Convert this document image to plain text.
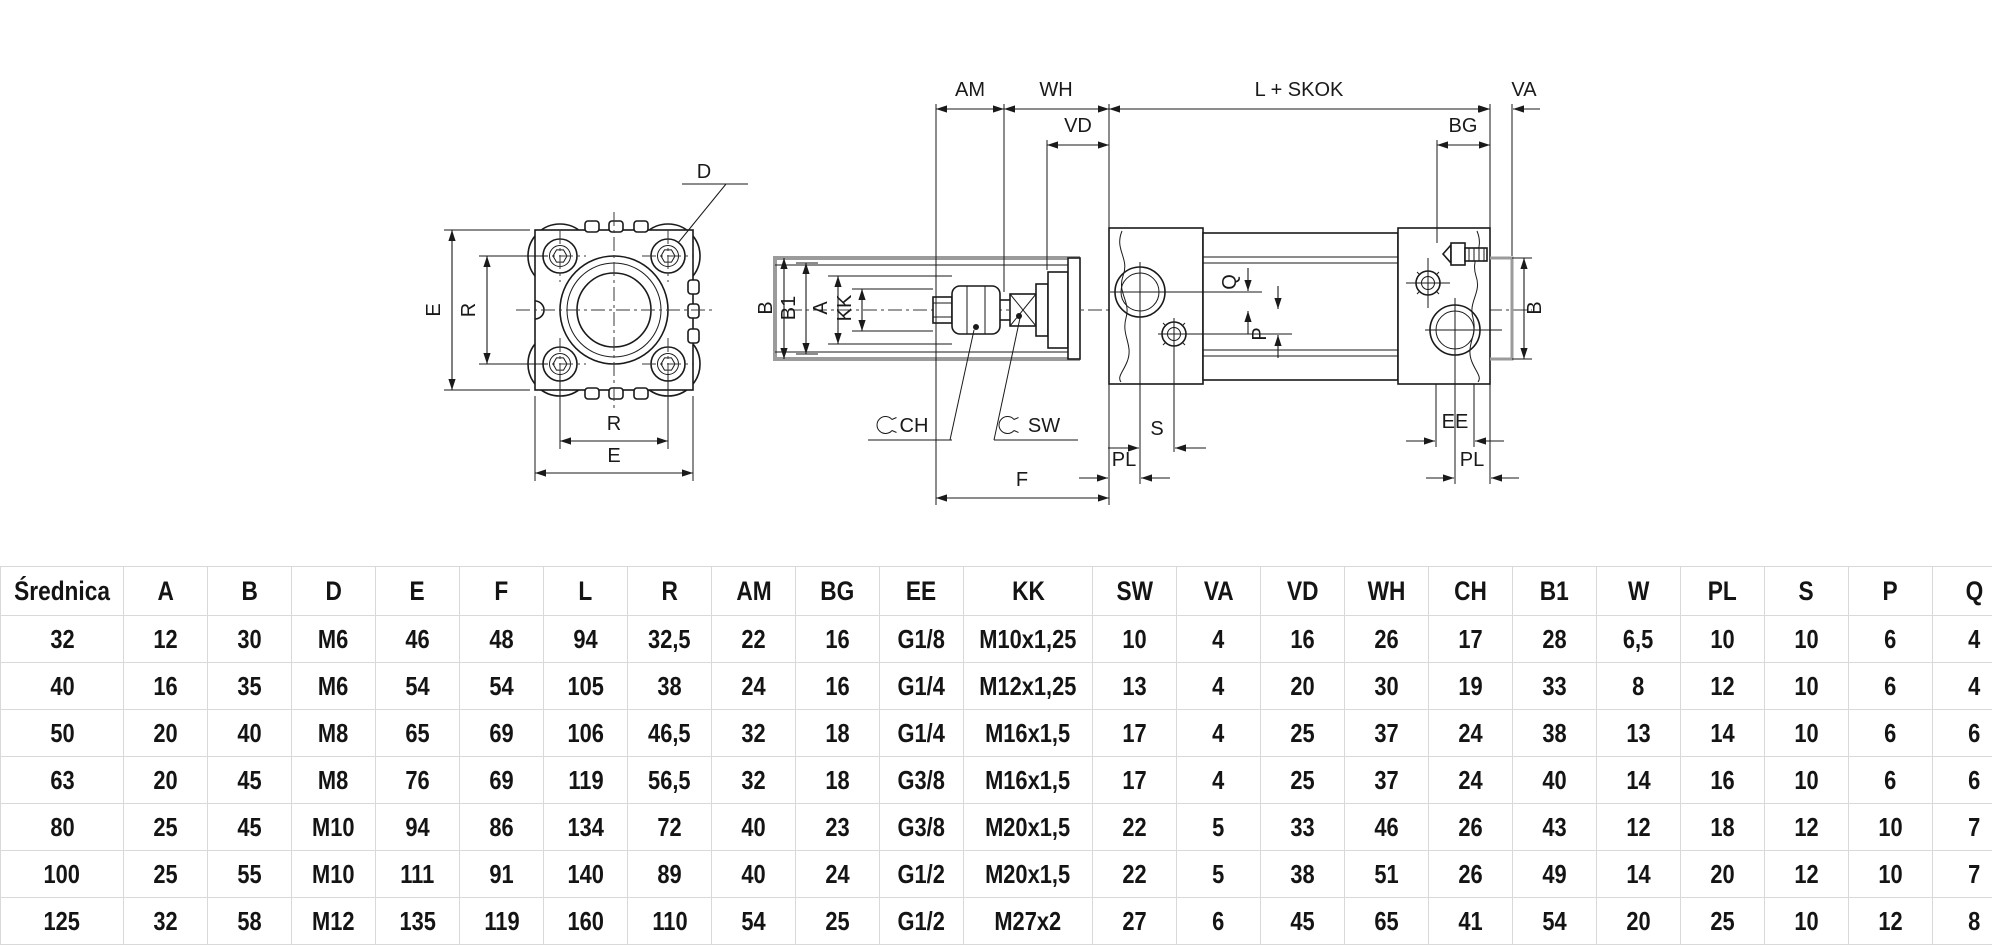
E R
R
E
D
AM	WH	L + SKOK	VA
VD	BG
B B1 A KK
Q
P
B
CH	SW	S
PL
F
EE
PL
Średnica	A	B	D	E	F	L	R	AM	BG	EE	KK	SW	VA	VD	WH	CH	B1	W	PL	S	P	Q
32	12	30	M6	46	48	94	32,5	22	16	G1/8	M10x1,25	10	4	16	26	17	28	6,5	10	10	6	4
40	16	35	M6	54	54	105	38	24	16	G1/4	M12x1,25	13	4	20	30	19	33	8	12	10	6	4
50	20	40	M8	65	69	106	46,5	32	18	G1/4	M16x1,5	17	4	25	37	24	38	13	14	10	6	6
63	20	45	M8	76	69	119	56,5	32	18	G3/8	M16x1,5	17	4	25	37	24	40	14	16	10	6	6
80	25	45	M10	94	86	134	72	40	23	G3/8	M20x1,5	22	5	33	46	26	43	12	18	12	10	7
100	25	55	M10	111	91	140	89	40	24	G1/2	M20x1,5	22	5	38	51	26	49	14	20	12	10	7
125	32	58	M12	135	119	160	110	54	25	G1/2	M27x2	27	6	45	65	41	54	20	25	10	12	8
